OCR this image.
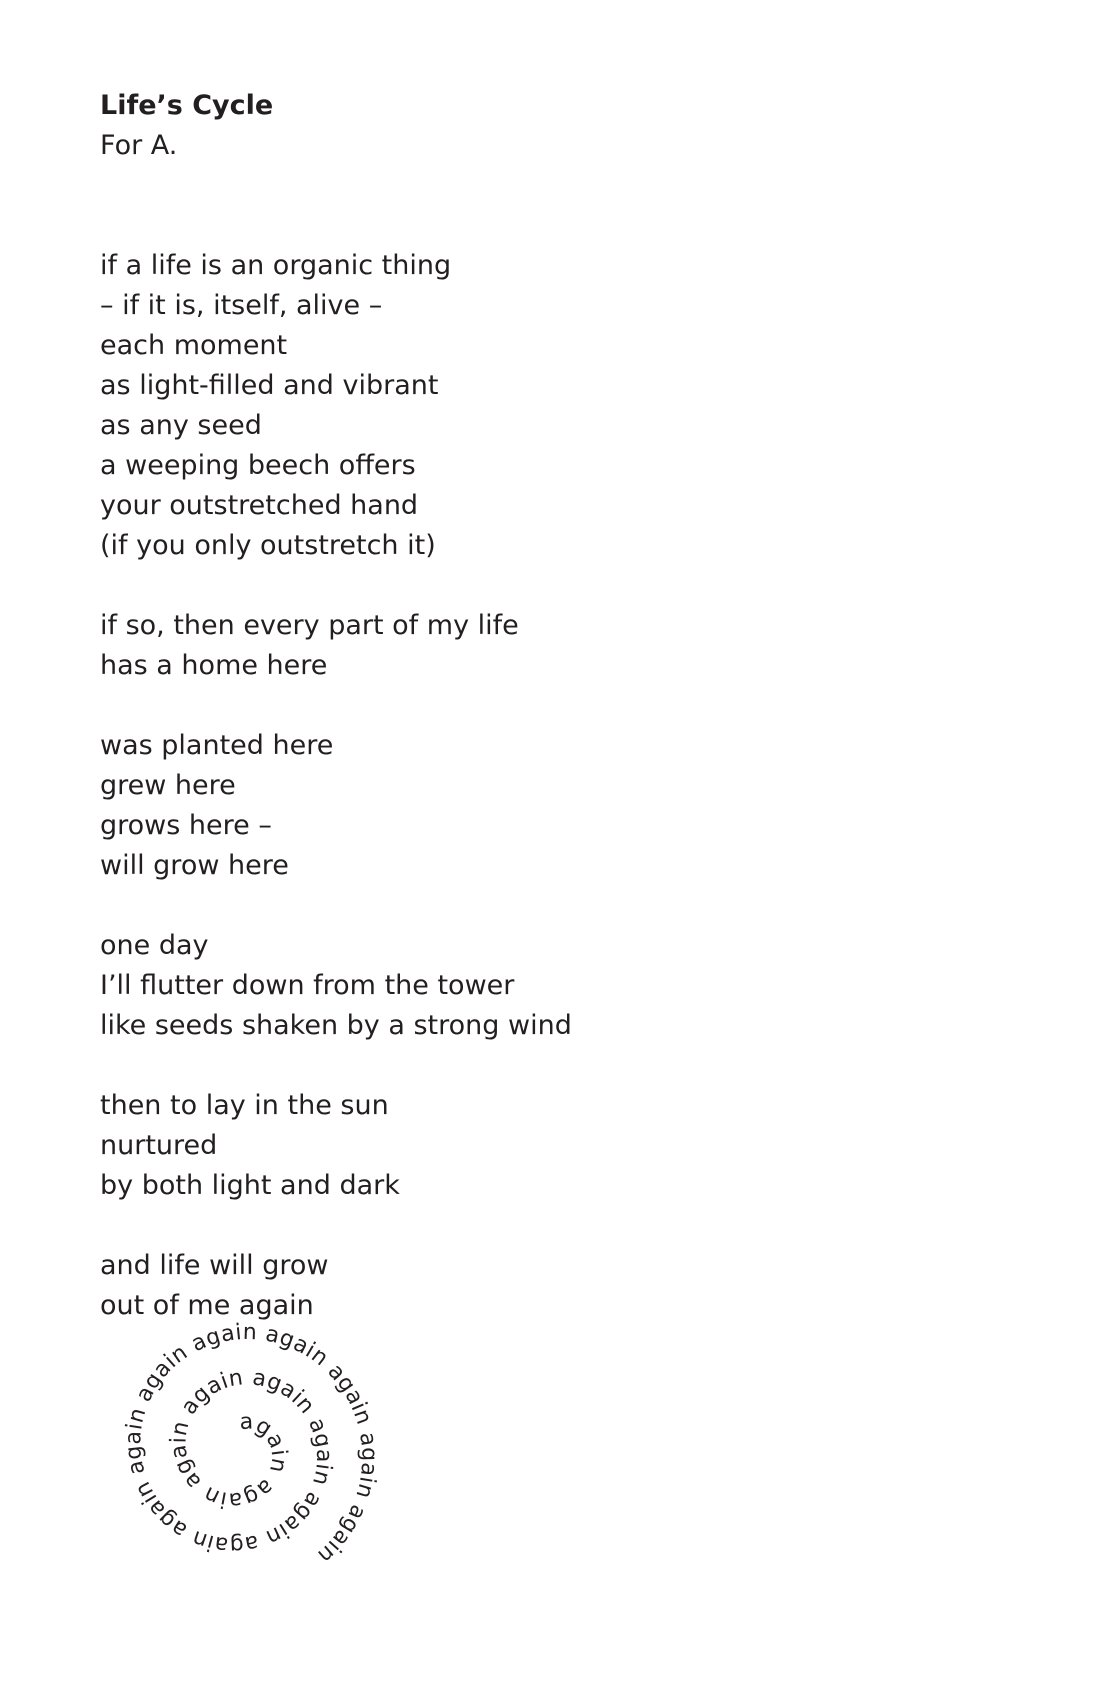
Life’s Cycle

For A.

if a life is an organic thing
– if it is, itself, alive –
each moment
as light-filled and vibrant
as any seed
a weeping beech offers
your outstretched hand
(if you only outstretch it)
if so, then every part of my life
has a home here
was planted here
grew here
grows here –
will grow here
one day
I’ll flutter down from the tower
like seeds shaken by a strong wind
then to lay in the sun
nurtured
by both light and dark
and life will grow
out of me again
again again again again again again again again again again again again again again again again
